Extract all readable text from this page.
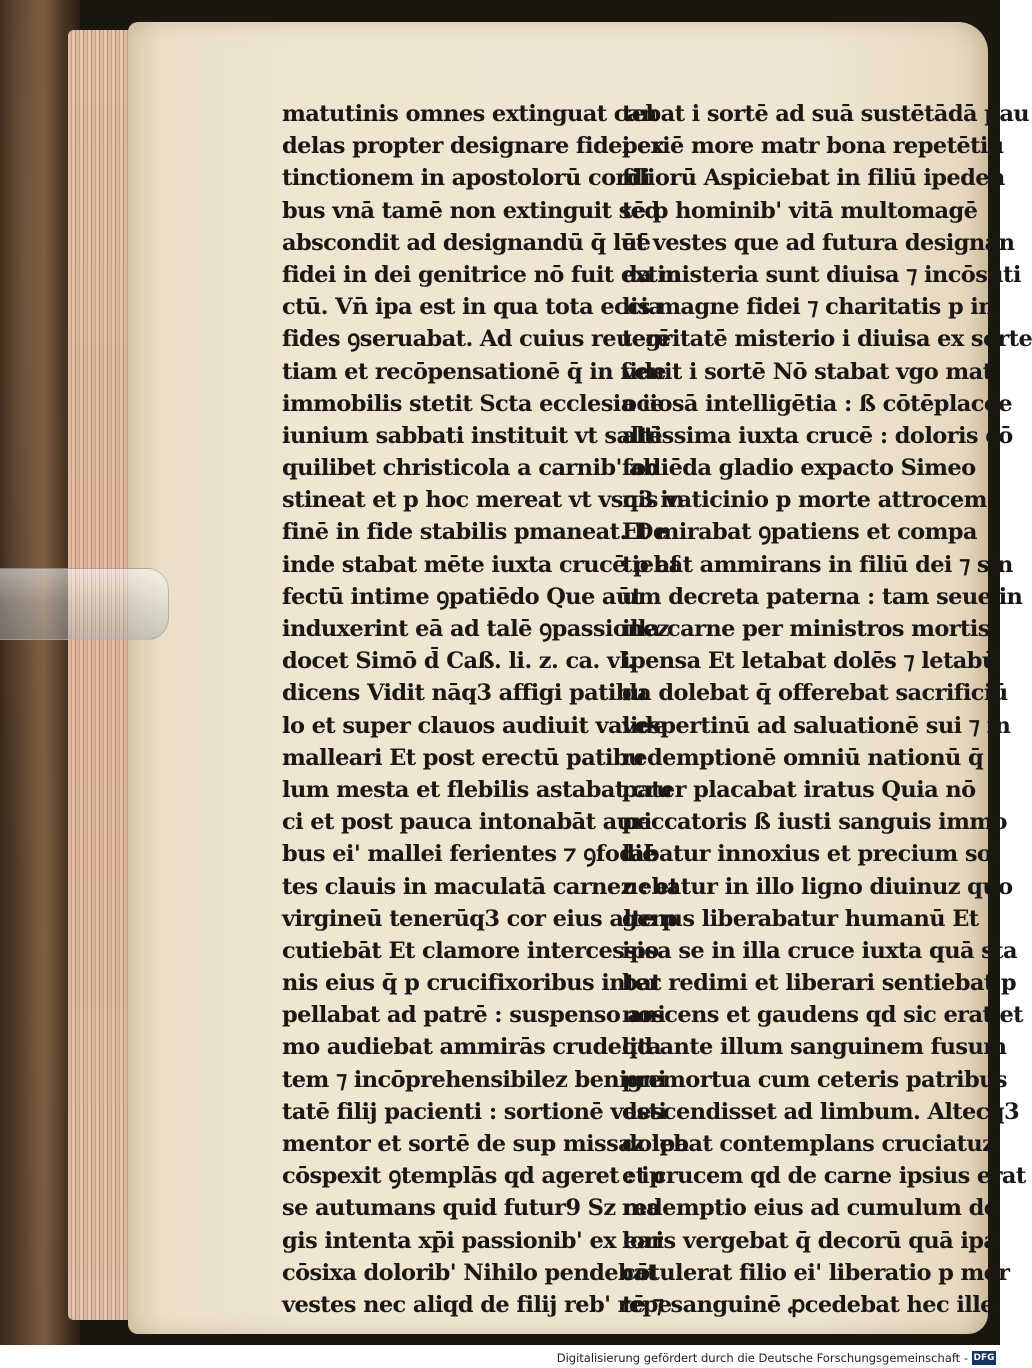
matutinis omnes extinguat can
delas propter designare fidei ex
tinctionem in apostolorū cordi
bus vnā tamē non extinguit sed
abscondit ad designandū q̄ lūē
fidei in dei genitrice nō fuit extin
ctū. Vn̄ ipa est in qua tota eccia
fides ꝯseruabat. Ad cuius reuerē
tiam et recōpensationē q̄ in fide
immobilis stetit Scta ecclesia ie
iunium sabbati instituit vt saltē
quilibet christicola a carnib' ab
stineat et p hoc mereat vt vsq3 in
finē in fide stabilis pmaneat. De
inde stabat mēte iuxta crucē p af
fectū intime ꝯpatiēdo Que aūt
induxerint eā ad talē ꝯpassionez
docet Simō d̄ Caß. li. z. ca. vl.
dicens Vidit nāq3 affigi patibu
lo et super clauos audiuit valide
malleari Et post erectū patibu
lum mesta et flebilis astabat cru
ci et post pauca intonabāt auri
bus ei' mallei ferientes ⁊ ꝯfodiē
tes clauis in maculatā carnez : et
virgineū tenerūq3 cor eius alte p
cutiebāt Et clamore intercessio
nis eius q̄ p crucifixoribus inter
pellabat ad patrē : suspenso ani
mo audiebat ammirās crudelita
tem ⁊ incōprehensibilez benigni
tatē filij pacienti : sortionē vesti
mentor et sortē de sup missaz ipa
cōspexit ꝯtemplās qd ageret : ip
se autumans quid futur9 Sz ma
gis intenta xp̄i passionib' ex ear
cōsixa dolorib' Nihilo pendebat
vestes nec aliqd de filij reb' repe
tebat i sortē ad suā sustētādā pau
periē more matr bona repetētiū
filiorū Aspiciebat in filiū ipeden
tē p hominib' vitā multomagē
et vestes que ad futura designan
da misteria sunt diuisa ⁊ incōsuti
lis magne fidei ⁊ charitatis p in
tegritatē misterio i diuisa ex sorte
venit i sortē Nō stabat vgo mat
ociosā intelligētia : ß cōtēplacōe
altissima iuxta crucē : doloris cō
fodiēda gladio expacto Simeo
nis vaticinio p morte attrocem.
Et mirabat ꝯpatiens et compa
tiebat ammirans in filiū dei ⁊ sin
um decreta paterna : tam seue in
illa carne per ministros mortis
ipensa Et letabat dolēs ⁊ letabū
da dolebat q̄ offerebat sacrificiū
vespertinū ad saluationē sui ⁊ in
redemptionē omniū nationū q̄
pater placabat iratus Quia nō
peccatoris ß iusti sanguis immo
labatur innoxius et precium sol
uebatur in illo ligno diuinuz quo
genus liberabatur humanū Et
ipsa se in illa cruce iuxta quā sta
bat redimi et liberari sentiebat p
noscens et gaudens qd sic erat et
qd ante illum sanguinem fusum
premortua cum ceteris patribus
descendisset ad limbum. Altecq3
dolebat contemplans cruciatuz
et crucem qd de carne ipsius erat
redemptio eius ad cumulum do
loris vergebat q̄ decorū quā ipa
cōtulerat filio ei' liberatio p mor
tē ⁊ sanguinē ꝓcedebat hec ille.
Digitalisierung gefördert durch die Deutsche Forschungsgemeinschaft - DFG
